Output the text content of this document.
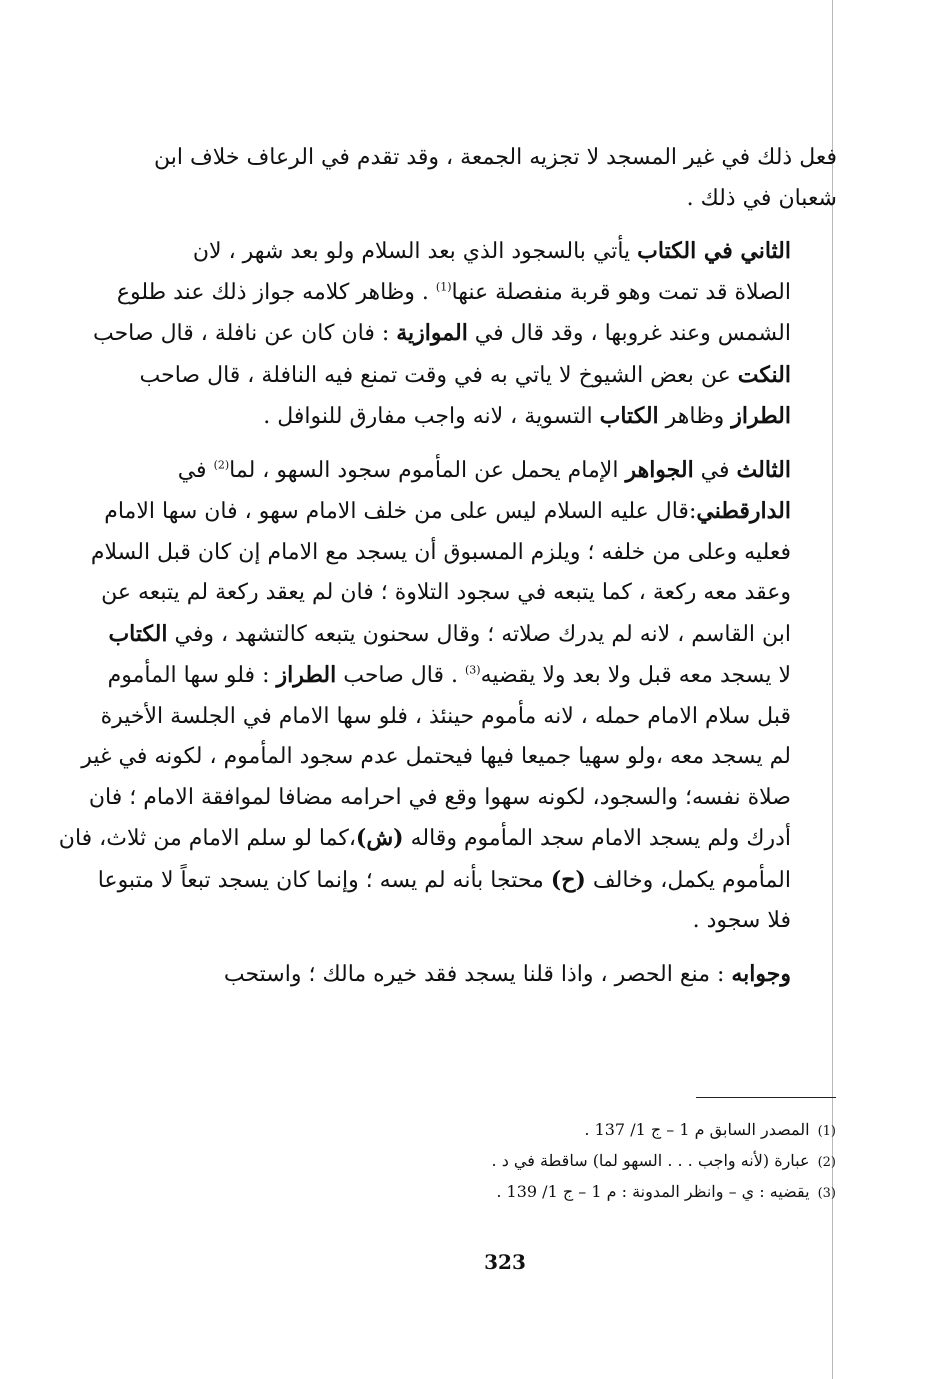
فعل ذلك في غير المسجد لا تجزيه الجمعة ، وقد تقدم في الرعاف خلاف ابن
شعبان في ذلك .
الثاني في الكتاب يأتي بالسجود الذي بعد السلام ولو بعد شهر ، لان
الصلاة قد تمت وهو قربة منفصلة عنها$^{(1)}$ . وظاهر كلامه جواز ذلك عند طلوع
الشمس وعند غروبها ، وقد قال في الموازية : فان كان عن نافلة ، قال صاحب
النكت عن بعض الشيوخ لا ياتي به في وقت تمنع فيه النافلة ، قال صاحب
الطراز وظاهر الكتاب التسوية ، لانه واجب مفارق للنوافل .
الثالث في الجواهر الإمام يحمل عن المأموم سجود السهو ، لما$^{(2)}$ في
الدارقطني:قال عليه السلام ليس على من خلف الامام سهو ، فان سها الامام
فعليه وعلى من خلفه ؛ ويلزم المسبوق أن يسجد مع الامام إن كان قبل السلام
وعقد معه ركعة ، كما يتبعه في سجود التلاوة ؛ فان لم يعقد ركعة لم يتبعه عن
ابن القاسم ، لانه لم يدرك صلاته ؛ وقال سحنون يتبعه كالتشهد ، وفي الكتاب
لا يسجد معه قبل ولا بعد ولا يقضيه$^{(3)}$ . قال صاحب الطراز : فلو سها المأموم
قبل سلام الامام حمله ، لانه مأموم حينئذ ، فلو سها الامام في الجلسة الأخيرة
لم يسجد معه ،ولو سهيا جميعا فيها فيحتمل عدم سجود المأموم ، لكونه في غير
صلاة نفسه؛ والسجود، لكونه سهوا وقع في احرامه مضافا لموافقة الامام ؛ فان
أدرك ولم يسجد الامام سجد المأموم وقاله (ش)،كما لو سلم الامام من ثلاث، فان
المأموم يكمل، وخالف (ح) محتجا بأنه لم يسه ؛ وإنما كان يسجد تبعاً لا متبوعا
فلا سجود .
وجوابه : منع الحصر ، واذا قلنا يسجد فقد خيره مالك ؛ واستحب
(1)المصدر السابق م 1 – ج 1/ 137 .
(2)عبارة (لأنه واجب . . . السهو لما) ساقطة في د .
(3)يقضيه : ي – وانظر المدونة : م 1 – ج 1/ 139 .
323
